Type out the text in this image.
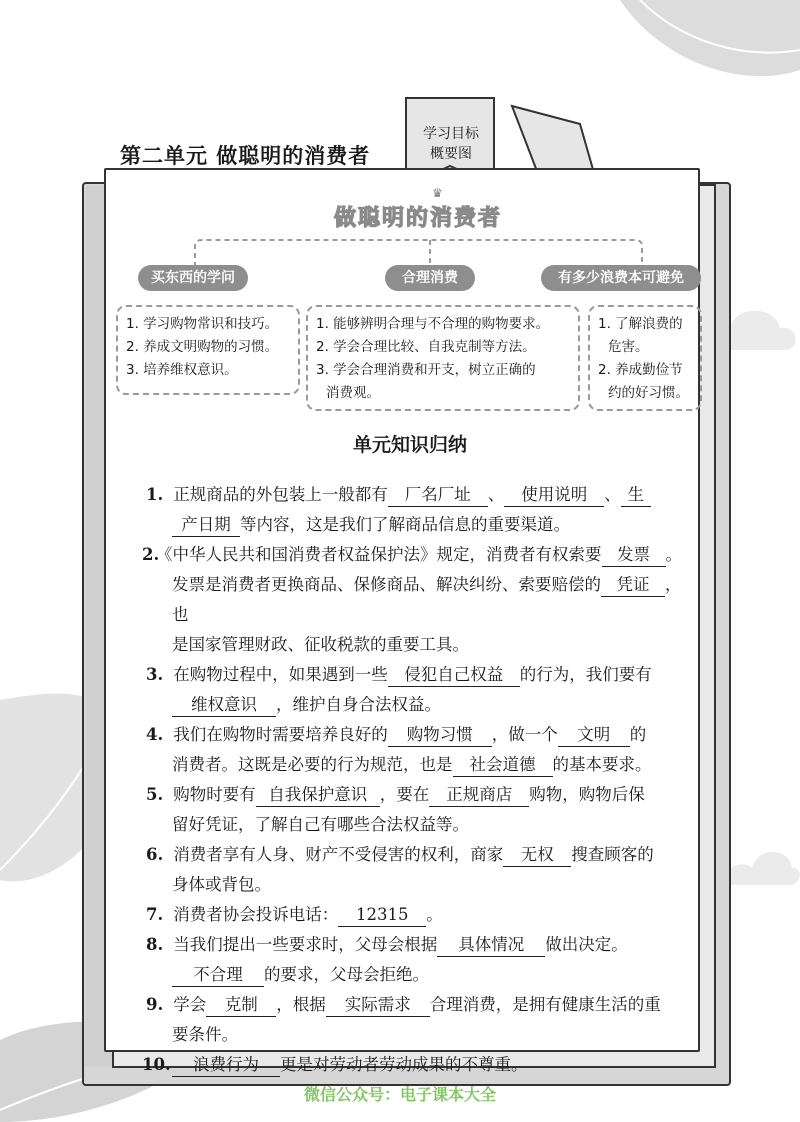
学习目标
概要图
第二单元 做聪明的消费者
♛
做聪明的消费者
买东西的学问	合理消费	有多少浪费本可避免
1. 学习购物常识和技巧。
2. 养成文明购物的习惯。
3. 培养维权意识。
1. 能够辨明合理与不合理的购物要求。
2. 学会合理比较、自我克制等方法。
3. 学会合理消费和开支，树立正确的
消费观。
1. 了解浪费的
危害。
2. 养成勤俭节
约的好习惯。
单元知识归纳
1. 正规商品的外包装上一般都有 厂名厂址 、 使用说明 、 生
产日期 等内容，这是我们了解商品信息的重要渠道。
2.《中华人民共和国消费者权益保护法》规定，消费者有权索要 发票 。
发票是消费者更换商品、保修商品、解决纠纷、索要赔偿的 凭证 ，也
是国家管理财政、征收税款的重要工具。
3. 在购物过程中，如果遇到一些 侵犯自己权益 的行为，我们要有
维权意识 ，维护自身合法权益。
4. 我们在购物时需要培养良好的 购物习惯 ，做一个 文明 的
消费者。这既是必要的行为规范，也是 社会道德 的基本要求。
5. 购物时要有 自我保护意识 ，要在 正规商店 购物，购物后保
留好凭证，了解自己有哪些合法权益等。
6. 消费者享有人身、财产不受侵害的权利，商家 无权 搜查顾客的
身体或背包。
7. 消费者协会投诉电话： 12315 。
8. 当我们提出一些要求时，父母会根据 具体情况 做出决定。
不合理 的要求，父母会拒绝。
9. 学会 克制 ，根据 实际需求 合理消费，是拥有健康生活的重
要条件。
10. 浪费行为 更是对劳动者劳动成果的不尊重。
微信公众号：电子课本大全
